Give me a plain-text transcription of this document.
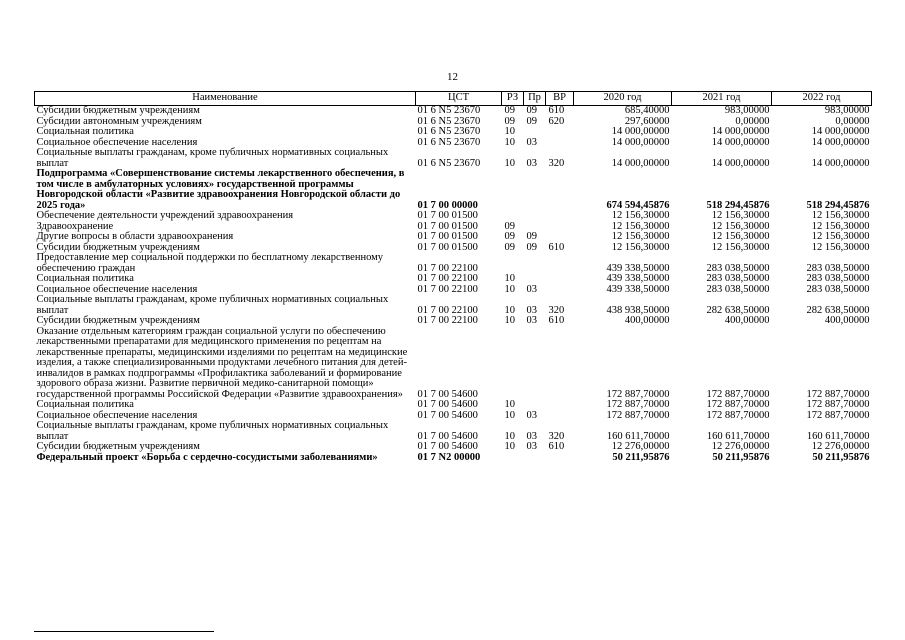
12
Наименование	ЦСТ	РЗ	Пр	ВР	2020 год	2021 год	2022 год
Субсидии бюджетным учреждениям	01 6 N5 23670	09	09	610	685,40000	983,00000	983,00000
Субсидии автономным учреждениям	01 6 N5 23670	09	09	620	297,60000	0,00000	0,00000
Социальная политика	01 6 N5 23670	10			14 000,00000	14 000,00000	14 000,00000
Социальное обеспечение населения	01 6 N5 23670	10	03		14 000,00000	14 000,00000	14 000,00000
Социальные выплаты гражданам, кроме публичных нормативных социальных выплат	01 6 N5 23670	10	03	320	14 000,00000	14 000,00000	14 000,00000
Подпрограмма «Совершенствование системы лекарственного обеспечения, в том числе в амбулаторных условиях» государственной программы Новгородской области «Развитие здравоохранения Новгородской области до 2025 года»	01 7 00 00000				674 594,45876	518 294,45876	518 294,45876
Обеспечение деятельности учреждений здравоохранения	01 7 00 01500				12 156,30000	12 156,30000	12 156,30000
Здравоохранение	01 7 00 01500	09			12 156,30000	12 156,30000	12 156,30000
Другие вопросы в области здравоохранения	01 7 00 01500	09	09		12 156,30000	12 156,30000	12 156,30000
Субсидии бюджетным учреждениям	01 7 00 01500	09	09	610	12 156,30000	12 156,30000	12 156,30000
Предоставление мер социальной поддержки по бесплатному лекарственному обеспечению граждан	01 7 00 22100				439 338,50000	283 038,50000	283 038,50000
Социальная политика	01 7 00 22100	10			439 338,50000	283 038,50000	283 038,50000
Социальное обеспечение населения	01 7 00 22100	10	03		439 338,50000	283 038,50000	283 038,50000
Социальные выплаты гражданам, кроме публичных нормативных социальных выплат	01 7 00 22100	10	03	320	438 938,50000	282 638,50000	282 638,50000
Субсидии бюджетным учреждениям	01 7 00 22100	10	03	610	400,00000	400,00000	400,00000
Оказание отдельным категориям граждан социальной услуги по обеспечению лекарственными препаратами для медицинского применения по рецептам на лекарственные препараты, медицинскими изделиями по рецептам на медицинские изделия, а также специализированными продуктами лечебного питания для детей-инвалидов в рамках подпрограммы «Профилактика заболеваний и формирование здорового образа жизни. Развитие первичной медико-санитарной помощи» государственной программы Российской Федерации «Развитие здравоохранения»	01 7 00 54600				172 887,70000	172 887,70000	172 887,70000
Социальная политика	01 7 00 54600	10			172 887,70000	172 887,70000	172 887,70000
Социальное обеспечение населения	01 7 00 54600	10	03		172 887,70000	172 887,70000	172 887,70000
Социальные выплаты гражданам, кроме публичных нормативных социальных выплат	01 7 00 54600	10	03	320	160 611,70000	160 611,70000	160 611,70000
Субсидии бюджетным учреждениям	01 7 00 54600	10	03	610	12 276,00000	12 276,00000	12 276,00000
Федеральный проект «Борьба с сердечно-сосудистыми заболеваниями»	01 7 N2 00000				50 211,95876	50 211,95876	50 211,95876
